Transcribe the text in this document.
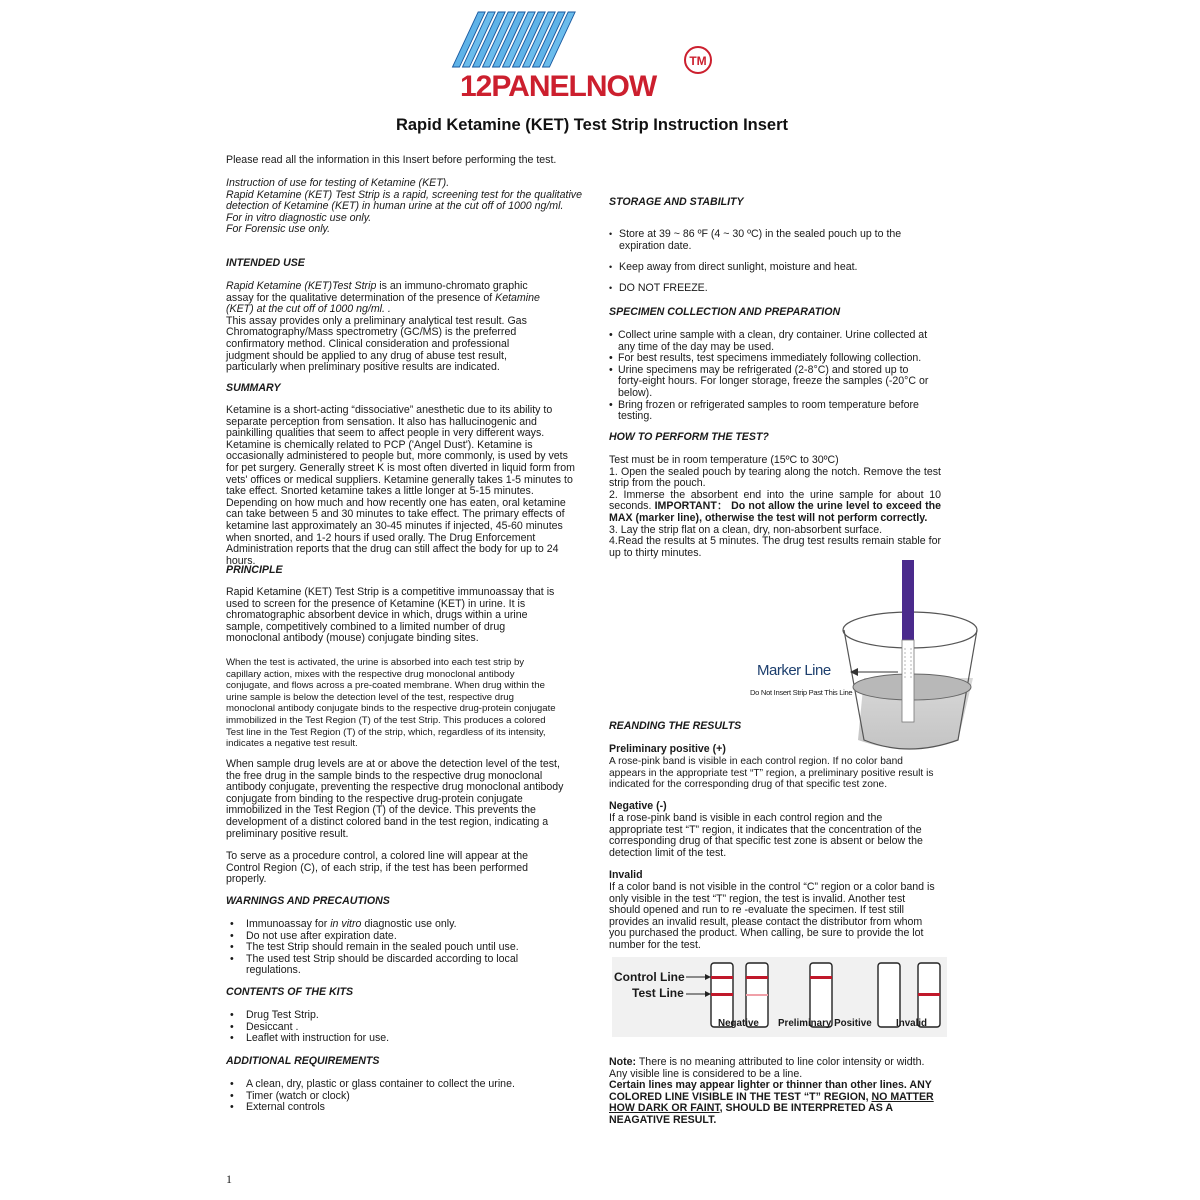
12PANELNOW
TM
Rapid Ketamine (KET) Test Strip Instruction Insert

Please read all the information in this Insert before performing the test.

Instruction of use for testing of Ketamine (KET).

Rapid Ketamine (KET) Test Strip is a rapid, screening test for the qualitative detection of Ketamine (KET) in human urine at the cut off of 1000 ng/ml.

For in vitro diagnostic use only.

For Forensic use only.

INTENDED USE

Rapid Ketamine (KET)Test Strip is an immuno-chromato graphic assay for the qualitative determination of the presence of Ketamine (KET) at the cut off of 1000 ng/ml. .

This assay provides only a preliminary analytical test result. Gas Chromatography/Mass spectrometry (GC/MS) is the preferred confirmatory method. Clinical consideration and professional judgment should be applied to any drug of abuse test result, particularly when preliminary positive results are indicated.

SUMMARY
Ketamine is a short-acting “dissociative” anesthetic due to its ability to separate perception from sensation. It also has hallucinogenic and painkilling qualities that seem to affect people in very different ways. Ketamine is chemically related to PCP ('Angel Dust'). Ketamine is occasionally administered to people but, more commonly, is used by vets for pet surgery. Generally street K is most often diverted in liquid form from vets' offices or medical suppliers. Ketamine generally takes 1-5 minutes to take effect. Snorted ketamine takes a little longer at 5-15 minutes. Depending on how much and how recently one has eaten, oral ketamine can take between 5 and 30 minutes to take effect. The primary effects of ketamine last approximately an 30-45 minutes if injected, 45-60 minutes when snorted, and 1-2 hours if used orally. The Drug Enforcement Administration reports that the drug can still affect the body for up to 24 hours.
PRINCIPLE
Rapid Ketamine (KET) Test Strip is a competitive immunoassay that is used to screen for the presence of Ketamine (KET) in urine. It is chromatographic absorbent device in which, drugs within a urine sample, competitively combined to a limited number of drug monoclonal antibody (mouse) conjugate binding sites.
When the test is activated, the urine is absorbed into each test strip by capillary action, mixes with the respective drug monoclonal antibody conjugate, and flows across a pre-coated membrane. When drug within the urine sample is below the detection level of the test, respective drug monoclonal antibody conjugate binds to the respective drug-protein conjugate immobilized in the Test Region (T) of the test Strip. This produces a colored Test line in the Test Region (T) of the strip, which, regardless of its intensity, indicates a negative test result.
When sample drug levels are at or above the detection level of the test, the free drug in the sample binds to the respective drug monoclonal antibody conjugate, preventing the respective drug monoclonal antibody conjugate from binding to the respective drug-protein conjugate immobilized in the Test Region (T) of the device. This prevents the development of a distinct colored band in the test region, indicating a preliminary positive result.
To serve as a procedure control, a colored line will appear at the Control Region (C), of each strip, if the test has been performed properly.
WARNINGS AND PRECAUTIONS
• Immunoassay for in vitro diagnostic use only.
• Do not use after expiration date.
• The test Strip should remain in the sealed pouch until use.
• The used test Strip should be discarded according to local regulations.
CONTENTS OF THE KITS
• Drug Test Strip.
• Desiccant .
• Leaflet with instruction for use.
ADDITIONAL REQUIREMENTS
• A clean, dry, plastic or glass container to collect the urine.
• Timer (watch or clock)
• External controls
STORAGE AND STABILITY
• Store at 39 ~ 86 ºF (4 ~ 30 ºC) in the sealed pouch up to the expiration date.
• Keep away from direct sunlight, moisture and heat.
• DO NOT FREEZE.
SPECIMEN COLLECTION AND PREPARATION
• Collect urine sample with a clean, dry container. Urine collected at any time of the day may be used.
• For best results, test specimens immediately following collection.
• Urine specimens may be refrigerated (2-8°C) and stored up to forty-eight hours. For longer storage, freeze the samples (-20°C or below).
• Bring frozen or refrigerated samples to room temperature before testing.
HOW TO PERFORM THE TEST?

Test must be in room temperature (15ºC to 30ºC)

1. Open the sealed pouch by tearing along the notch. Remove the test strip from the pouch.

2. Immerse the absorbent end into the urine sample for about 10 seconds. IMPORTANT： Do not allow the urine level to exceed the MAX (marker line), otherwise the test will not perform correctly.

3. Lay the strip flat on a clean, dry, non-absorbent surface.

4.Read the results at 5 minutes. The drug test results remain stable for up to thirty minutes.

Marker Line
Do Not Insert Strip Past This Line
REANDING THE RESULTS
Preliminary positive (+)
A rose-pink band is visible in each control region. If no color band appears in the appropriate test “T” region, a preliminary positive result is indicated for the corresponding drug of that specific test zone.
Negative (-)
If a rose-pink band is visible in each control region and the appropriate test “T” region, it indicates that the concentration of the corresponding drug of that specific test zone is absent or below the detection limit of the test.
Invalid
If a color band is not visible in the control “C” region or a color band is only visible in the test “T” region, the test is invalid. Another test should opened and run to re -evaluate the specimen. If test still provides an invalid result, please contact the distributor from whom you purchased the product. When calling, be sure to provide the lot number for the test.
Control Line
Test Line
Negative Preliminary Positive Invalid

Note: There is no meaning attributed to line color intensity or width. Any visible line is considered to be a line.

Certain lines may appear lighter or thinner than other lines. ANY COLORED LINE VISIBLE IN THE TEST “T” REGION, NO MATTER HOW DARK OR FAINT, SHOULD BE INTERPRETED AS A NEAGATIVE RESULT.

1
